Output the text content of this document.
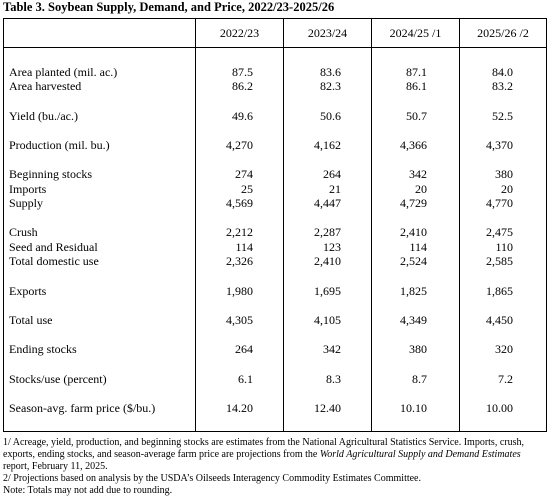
Table 3. Soybean Supply, Demand, and Price, 2022/23-2025/26
	2022/23	2023/24	2024/25 /1	2025/26 /2

Area planted (mil. ac.)	87.5	83.6	87.1	84.0
Area harvested	86.2	82.3	86.1	83.2

Yield (bu./ac.)	49.6	50.6	50.7	52.5

Production (mil. bu.)	4,270	4,162	4,366	4,370

Beginning stocks	274	264	342	380
Imports	25	21	20	20
Supply	4,569	4,447	4,729	4,770

Crush	2,212	2,287	2,410	2,475
Seed and Residual	114	123	114	110
Total domestic use	2,326	2,410	2,524	2,585

Exports	1,980	1,695	1,825	1,865

Total use	4,305	4,105	4,349	4,450

Ending stocks	264	342	380	320

Stocks/use (percent)	6.1	8.3	8.7	7.2

Season-avg. farm price ($/bu.)	14.20	12.40	10.10	10.00

1/ Acreage, yield, production, and beginning stocks are estimates from the National Agricultural Statistics Service. Imports, crush, exports, ending stocks, and season-average farm price are projections from the World Agricultural Supply and Demand Estimates report, February 11, 2025.

2/ Projections based on analysis by the USDA’s Oilseeds Interagency Commodity Estimates Committee.

Note: Totals may not add due to rounding.
